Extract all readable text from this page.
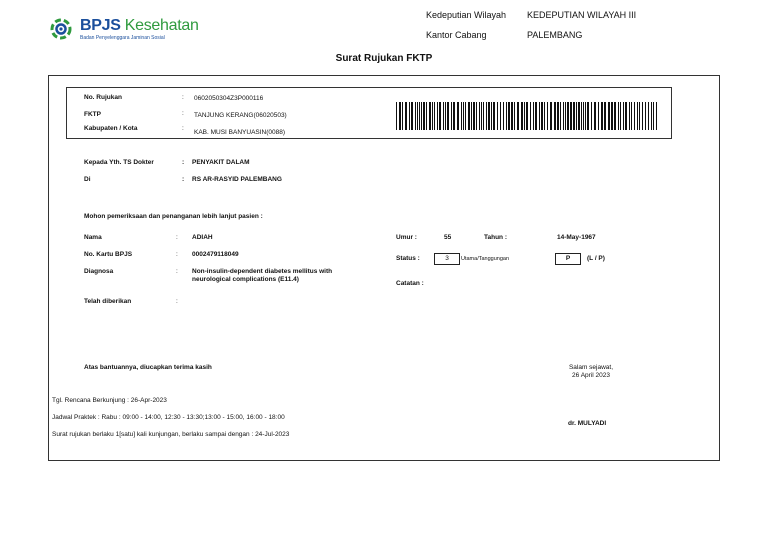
BPJS Kesehatan
Badan Penyelenggara Jaminan Sosial
Kedeputian Wilayah KEDEPUTIAN WILAYAH III
Kantor Cabang	PALEMBANG
Surat Rujukan FKTP
No. Rujukan	: 0602050304Z3P000116
FKTP	: TANJUNG KERANG(06020503)
Kabupaten / Kota	:
KAB. MUSI BANYUASIN(0088)
Kepada Yth. TS Dokter	: PENYAKIT DALAM
Di	: RS AR-RASYID PALEMBANG
Mohon pemeriksaan dan penanganan lebih lanjut pasien :
Nama	: ADIAH
No. Kartu BPJS	: 0002479118049
Diagnosa	: Non-insulin-dependent diabetes mellitus with
neurological complications (E11.4)
Telah diberikan	:
Umur :	55	Tahun :	14-May-1967
Status :	3	Utama/Tanggungan	P	(L / P)
Catatan :
Atas bantuannya, diucapkan terima kasih	Salam sejawat,
26 April 2023
Tgl. Rencana Berkunjung : 26-Apr-2023
Jadwal Praktek : Rabu : 09:00 - 14:00, 12:30 - 13:30;13:00 - 15:00, 16:00 - 18:00
Surat rujukan berlaku 1[satu] kali kunjungan, berlaku sampai dengan : 24-Jul-2023
dr. MULYADI
